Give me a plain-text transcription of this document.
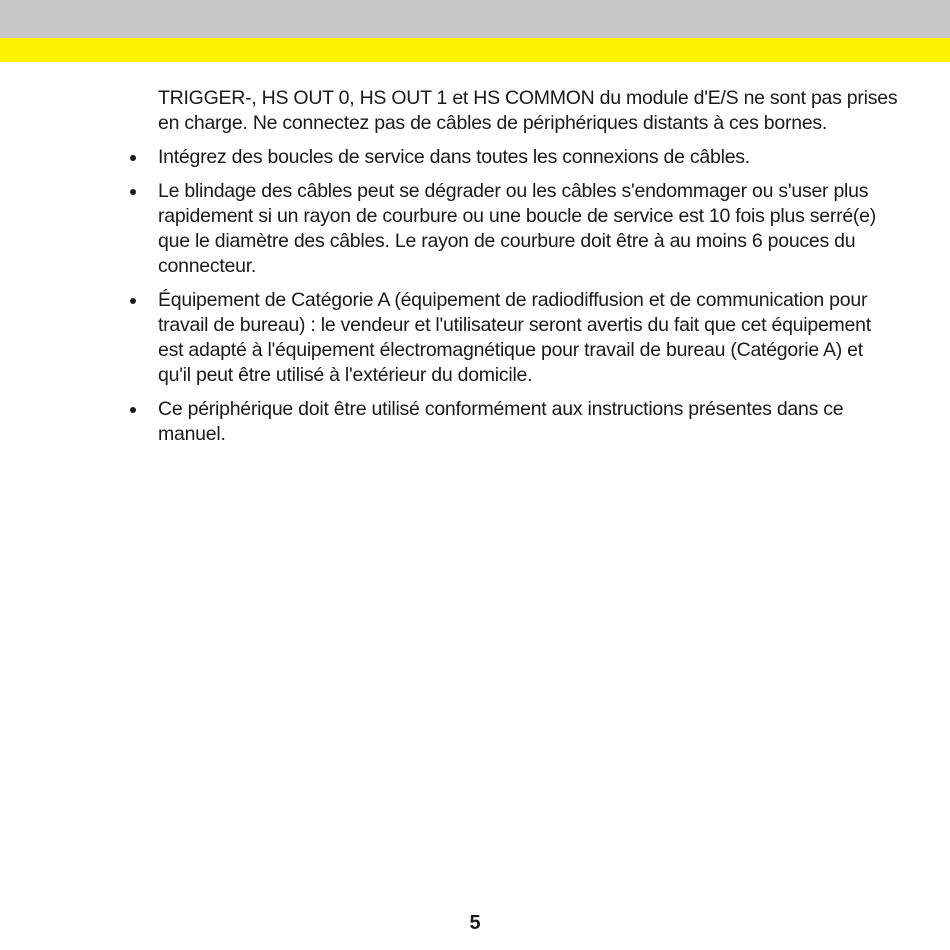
TRIGGER-, HS OUT 0, HS OUT 1 et HS COMMON du module d'E/S ne sont pas prises en charge. Ne connectez pas de câbles de périphériques distants à ces bornes.

Intégrez des boucles de service dans toutes les connexions de câbles.
Le blindage des câbles peut se dégrader ou les câbles s'endommager ou s'user plus rapidement si un rayon de courbure ou une boucle de service est 10 fois plus serré(e) que le diamètre des câbles. Le rayon de courbure doit être à au moins 6 pouces du connecteur.
Équipement de Catégorie A (équipement de radiodiffusion et de communication pour travail de bureau) : le vendeur et l'utilisateur seront avertis du fait que cet équipement est adapté à l'équipement électromagnétique pour travail de bureau (Catégorie A) et qu'il peut être utilisé à l'extérieur du domicile.
Ce périphérique doit être utilisé conformément aux instructions présentes dans ce manuel.
5
